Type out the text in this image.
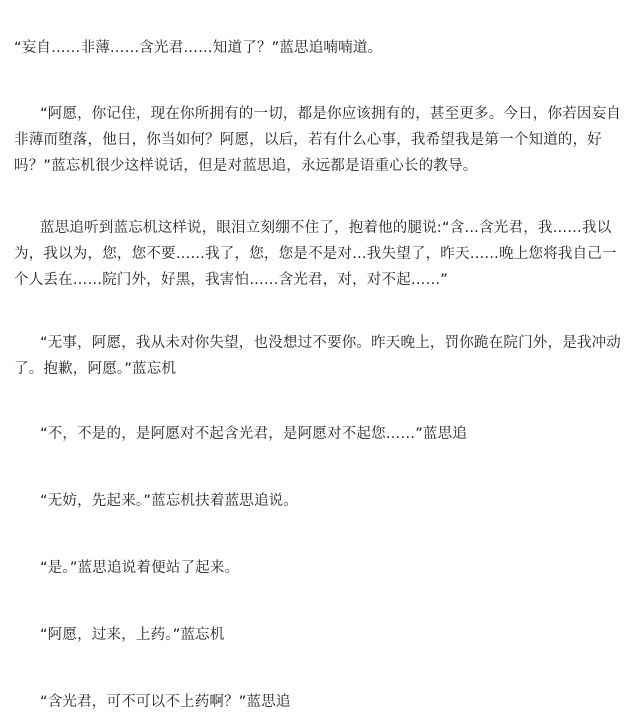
“妄自……非薄……含光君……知道了？”蓝思追喃喃道。

“阿愿，你记住，现在你所拥有的一切，都是你应该拥有的，甚至更多。今日，你若因妄自非薄而堕落，他日，你当如何？阿愿，以后，若有什么心事，我希望我是第一个知道的，好吗？”蓝忘机很少这样说话，但是对蓝思追，永远都是语重心长的教导。

蓝思追听到蓝忘机这样说，眼泪立刻绷不住了，抱着他的腿说:“含…含光君，我……我以为，我以为，您，您不要……我了，您，您是不是对…我失望了，昨天……晚上您将我自己一个人丢在……院门外，好黑，我害怕……含光君，对，对不起……”

“无事，阿愿，我从未对你失望，也没想过不要你。昨天晚上，罚你跪在院门外，是我冲动了。抱歉，阿愿。”蓝忘机

“不，不是的，是阿愿对不起含光君，是阿愿对不起您……”蓝思追

“无妨，先起来。”蓝忘机扶着蓝思追说。

“是。”蓝思追说着便站了起来。

“阿愿，过来，上药。”蓝忘机

“含光君，可不可以不上药啊？”蓝思追
